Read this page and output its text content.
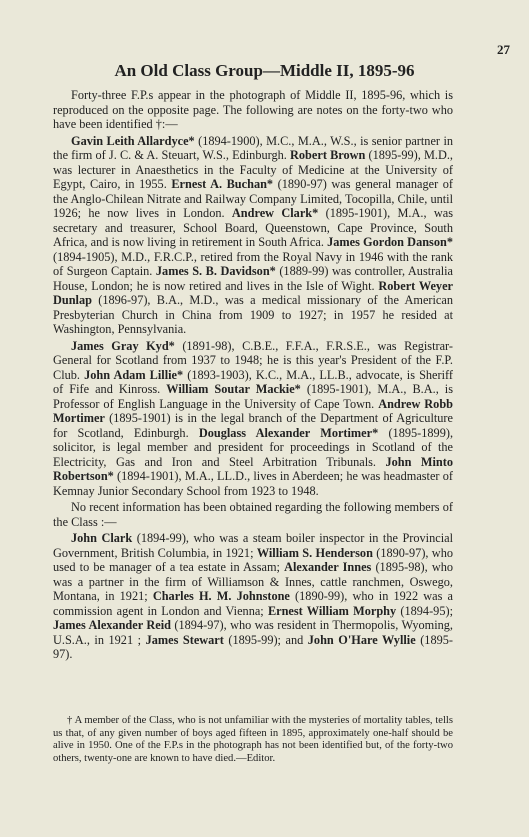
27
An Old Class Group—Middle II, 1895-96

Forty-three F.P.s appear in the photograph of Middle II, 1895-96, which is reproduced on the opposite page. The following are notes on the forty-two who have been identified †:—

Gavin Leith Allardyce* (1894-1900), M.C., M.A., W.S., is senior partner in the firm of J. C. & A. Steuart, W.S., Edinburgh. Robert Brown (1895-99), M.D., was lecturer in Anaesthetics in the Faculty of Medicine at the University of Egypt, Cairo, in 1955. Ernest A. Buchan* (1890-97) was general manager of the Anglo-Chilean Nitrate and Railway Company Limited, Tocopilla, Chile, until 1926; he now lives in London. Andrew Clark* (1895-1901), M.A., was secretary and treasurer, School Board, Queenstown, Cape Province, South Africa, and is now living in retirement in South Africa. James Gordon Danson* (1894-1905), M.D., F.R.C.P., retired from the Royal Navy in 1946 with the rank of Surgeon Captain. James S. B. Davidson* (1889-99) was controller, Australia House, London; he is now retired and lives in the Isle of Wight. Robert Weyer Dunlap (1896-97), B.A., M.D., was a medical missionary of the American Presbyterian Church in China from 1909 to 1927; in 1957 he resided at Washington, Pennsylvania.

James Gray Kyd* (1891-98), C.B.E., F.F.A., F.R.S.E., was Registrar-General for Scotland from 1937 to 1948; he is this year's President of the F.P. Club. John Adam Lillie* (1893-1903), K.C., M.A., LL.B., advocate, is Sheriff of Fife and Kinross. William Soutar Mackie* (1895-1901), M.A., B.A., is Professor of English Language in the University of Cape Town. Andrew Robb Mortimer (1895-1901) is in the legal branch of the Department of Agriculture for Scotland, Edinburgh. Douglass Alexander Mortimer* (1895-1899), solicitor, is legal member and president for proceedings in Scotland of the Electricity, Gas and Iron and Steel Arbitration Tribunals. John Minto Robertson* (1894-1901), M.A., LL.D., lives in Aberdeen; he was headmaster of Kemnay Junior Secondary School from 1923 to 1948.

No recent information has been obtained regarding the following members of the Class :—

John Clark (1894-99), who was a steam boiler inspector in the Provincial Government, British Columbia, in 1921; William S. Henderson (1890-97), who used to be manager of a tea estate in Assam; Alexander Innes (1895-98), who was a partner in the firm of Williamson & Innes, cattle ranchmen, Oswego, Montana, in 1921; Charles H. M. Johnstone (1890-99), who in 1922 was a commission agent in London and Vienna; Ernest William Morphy (1894-95); James Alexander Reid (1894-97), who was resident in Thermopolis, Wyoming, U.S.A., in 1921 ; James Stewart (1895-99); and John O'Hare Wyllie (1895-97).

† A member of the Class, who is not unfamiliar with the mysteries of mortality tables, tells us that, of any given number of boys aged fifteen in 1895, approximately one-half should be alive in 1950. One of the F.P.s in the photograph has not been identified but, of the forty-two others, twenty-one are known to have died.—Editor.
